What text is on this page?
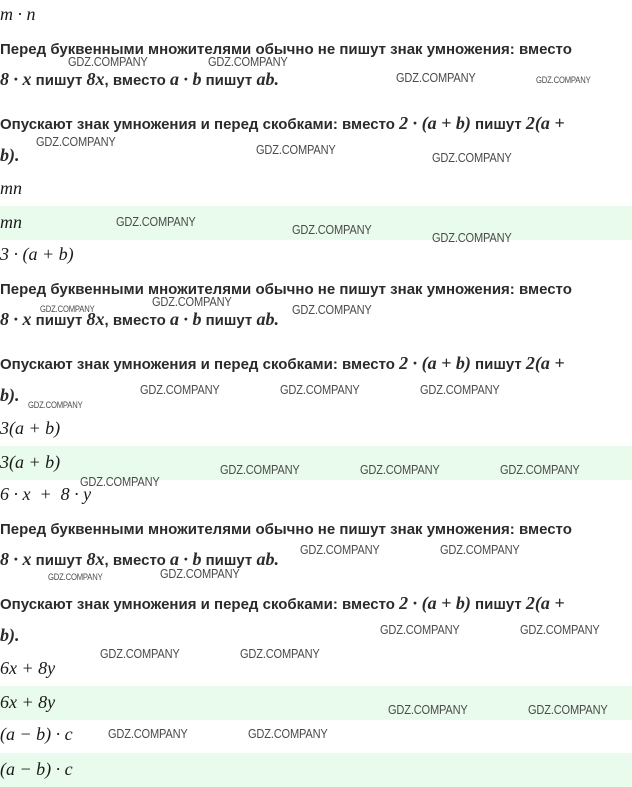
m · n
Перед буквенными множителями обычно не пишут знак умножения: вместо
8 · x пишут 8x, вместо a · b пишут ab.
Опускают знак умножения и перед скобками: вместо 2 · (a + b) пишут 2(a +
b).
mn
mn
3 · (a + b)
Перед буквенными множителями обычно не пишут знак умножения: вместо
8 · x пишут 8x, вместо a · b пишут ab.
Опускают знак умножения и перед скобками: вместо 2 · (a + b) пишут 2(a +
b).
3(a + b)
3(a + b)
6 · x  +  8 · y
Перед буквенными множителями обычно не пишут знак умножения: вместо
8 · x пишут 8x, вместо a · b пишут ab.
Опускают знак умножения и перед скобками: вместо 2 · (a + b) пишут 2(a +
b).
6x + 8y
6x + 8y
(a − b) · c
(a − b) · c
GDZ.COMPANY	GDZ.COMPANY
GDZ.COMPANY	GDZ.COMPANY
GDZ.COMPANY
GDZ.COMPANY
GDZ.COMPANY
GDZ.COMPANY
GDZ.COMPANY
GDZ.COMPANY
GDZ.COMPANY
GDZ.COMPANY	GDZ.COMPANY
GDZ.COMPANY	GDZ.COMPANY	GDZ.COMPANY
GDZ.COMPANY
GDZ.COMPANY	GDZ.COMPANY	GDZ.COMPANY
GDZ.COMPANY
GDZ.COMPANY	GDZ.COMPANY
GDZ.COMPANY	GDZ.COMPANY
GDZ.COMPANY	GDZ.COMPANY
GDZ.COMPANY	GDZ.COMPANY
GDZ.COMPANY	GDZ.COMPANY
GDZ.COMPANY	GDZ.COMPANY
